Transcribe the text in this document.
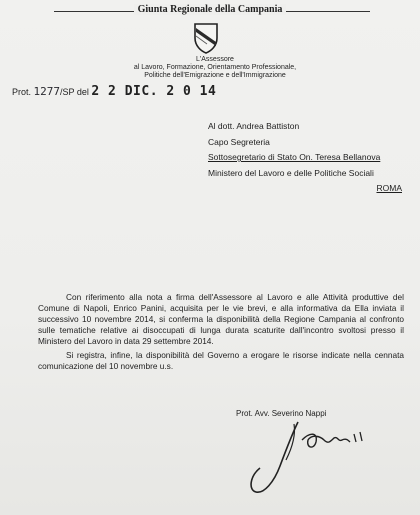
Giunta Regionale della Campania
L'Assessore
al Lavoro, Formazione, Orientamento Professionale,
Politiche dell'Emigrazione e dell'Immigrazione
Prot. 1277/SP del 2 2 DIC. 2 0 14
Al dott. Andrea Battiston
Capo Segreteria
Sottosegretario di Stato On. Teresa Bellanova
Ministero del Lavoro e delle Politiche Sociali
ROMA

Con riferimento alla nota a firma dell'Assessore al Lavoro e alle Attività produttive del Comune di Napoli, Enrico Panini, acquisita per le vie brevi, e alla informativa da Ella inviata il successivo 10 novembre 2014, si conferma la disponibilità della Regione Campania al confronto sulle tematiche relative ai disoccupati di lunga durata scaturite dall'incontro svoltosi presso il Ministero del Lavoro in data 29 settembre 2014.

Si registra, infine, la disponibilità del Governo a erogare le risorse indicate nella cennata comunicazione del 10 novembre u.s.

Prot. Avv. Severino Nappi
